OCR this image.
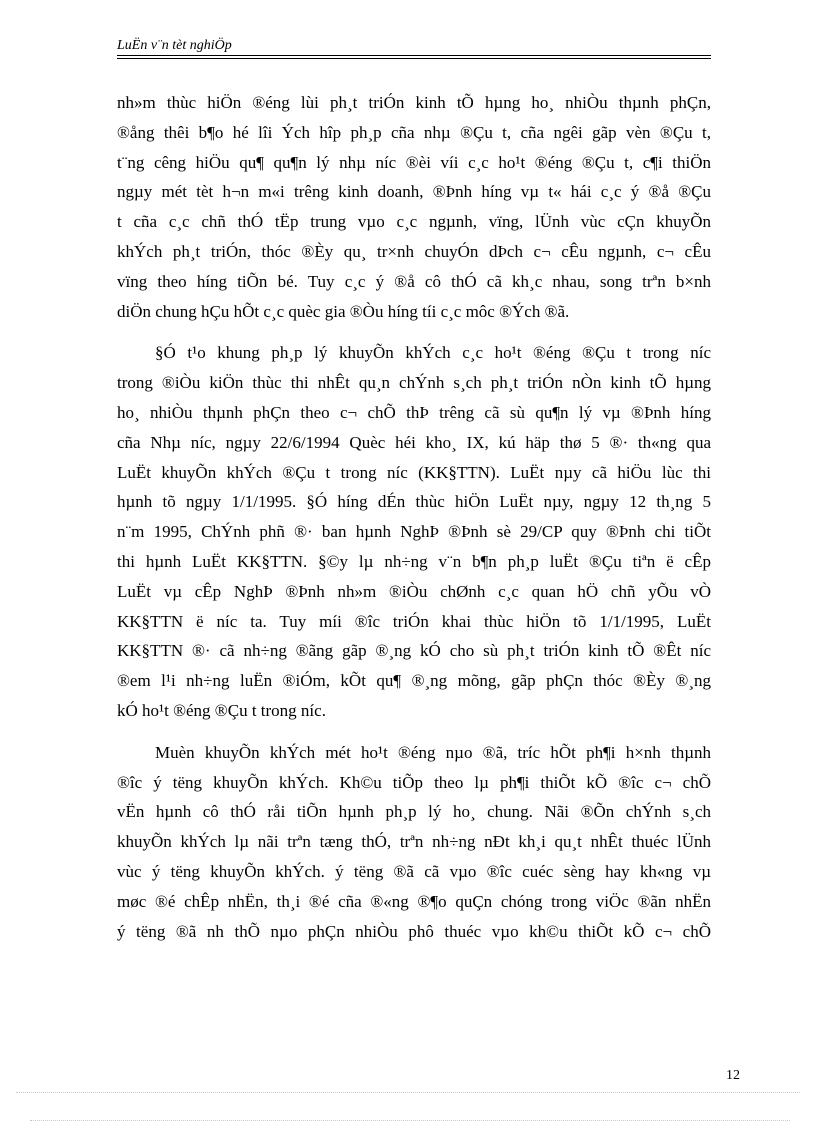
LuËn v¨n tèt nghiÖp
nh»m thùc hiÖn ®éng lùi ph¸t triÓn kinh tÕ hµng ho¸ nhiÒu thµnh phÇn,
®ång thêi b¶o hé lîi Ých hîp ph¸p cña nhµ ®Çu t, cña ngêi gãp vèn ®Çu t,
t¨ng cêng hiÖu qu¶ qu¶n lý nhµ níc ®èi víi c¸c ho¹t ®éng ®Çu t, c¶i thiÖn
ngµy mét tèt h¬n m«i trêng kinh doanh, ®Þnh híng vµ t« hái c¸c ý ®å ®Çu
t cña c¸c chñ thÓ tËp trung vµo c¸c ngµnh, vïng, lÜnh vùc cÇn khuyÕn
khÝch ph¸t triÓn, thóc ®Èy qu¸ tr×nh chuyÓn dÞch c¬ cÊu ngµnh, c¬ cÊu
vïng theo híng tiÕn bé. Tuy c¸c ý ®å cô thÓ cã kh¸c nhau, song trªn b×nh
diÖn chung hÇu hÕt c¸c quèc gia ®Òu híng tíi c¸c môc ®Ých ®ã.
§Ó t¹o khung ph¸p lý khuyÕn khÝch c¸c ho¹t ®éng ®Çu t trong níc
trong ®iÒu kiÖn thùc thi nhÊt qu¸n chÝnh s¸ch ph¸t triÓn nÒn kinh tÕ hµng
ho¸ nhiÒu thµnh phÇn theo c¬ chÕ thÞ trêng cã sù qu¶n lý vµ ®Þnh híng
cña Nhµ níc, ngµy 22/6/1994 Quèc héi kho¸ IX, kú häp thø 5 ®· th«ng qua
LuËt khuyÕn khÝch ®Çu t trong níc (KK§TTN). LuËt nµy cã hiÖu lùc thi
hµnh tõ ngµy 1/1/1995. §Ó híng dÉn thùc hiÖn LuËt nµy, ngµy 12 th¸ng 5
n¨m 1995, ChÝnh phñ ®· ban hµnh NghÞ ®Þnh sè 29/CP quy ®Þnh chi tiÕt
thi hµnh LuËt KK§TTN. §©y lµ nh÷ng v¨n b¶n ph¸p luËt ®Çu tiªn ë cÊp
LuËt vµ cÊp NghÞ ®Þnh nh»m ®iÒu chØnh c¸c quan hÖ chñ yÕu vÒ
KK§TTN ë níc ta. Tuy míi ®îc triÓn khai thùc hiÖn tõ 1/1/1995, LuËt
KK§TTN ®· cã nh÷ng ®ãng gãp ®¸ng kÓ cho sù ph¸t triÓn kinh tÕ ®Êt níc
®em l¹i nh÷ng luËn ®iÓm, kÕt qu¶ ®¸ng mõng, gãp phÇn thóc ®Èy ®¸ng
kÓ ho¹t ®éng ®Çu t trong níc.
Muèn khuyÕn khÝch mét ho¹t ®éng nµo ®ã, tríc hÕt ph¶i h×nh thµnh
®îc ý tëng khuyÕn khÝch. Kh©u tiÕp theo lµ ph¶i thiÕt kÕ ®îc c¬ chÕ
vËn hµnh cô thÓ råi tiÕn hµnh ph¸p lý ho¸ chung. Nãi ®Õn chÝnh s¸ch
khuyÕn khÝch lµ nãi trªn tæng thÓ, trªn nh÷ng nÐt kh¸i qu¸t nhÊt thuéc lÜnh
vùc ý tëng khuyÕn khÝch. ý tëng ®ã cã vµo ®îc cuéc sèng hay kh«ng vµ
møc ®é chÊp nhËn, th¸i ®é cña ®«ng ®¶o quÇn chóng trong viÖc ®ãn nhËn
ý tëng ®ã nh thÕ nµo phÇn nhiÒu phô thuéc vµo kh©u thiÕt kÕ c¬ chÕ
12
